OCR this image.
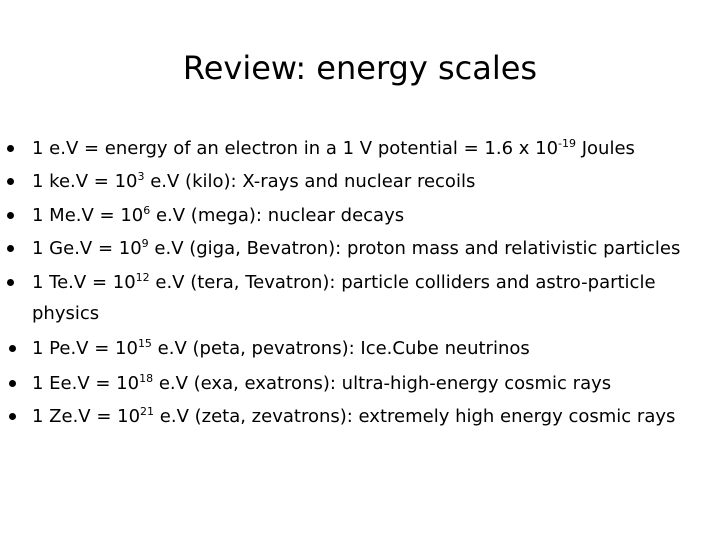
Review: energy scales
1 e.V = energy of an electron in a 1 V potential = 1.6 x $10^{-19}$ Joules
1 $ke.V = 10^3$ e.V (kilo): X-rays and nuclear recoils
1 $Me.V = 10^6$ e.V (mega): nuclear decays
1 $Ge.V = 10^9$ e.V (giga, Bevatron): proton mass and relativistic particles
1 $Te.V = 10^{12}$ e.V (tera, Tevatron): particle colliders and astro-particle
physics
1 $Pe.V = 10^{15}$ e.V (peta, pevatrons): Ice.Cube neutrinos
1 $Ee.V = 10^{18}$ e.V (exa, exatrons): ultra-high-energy cosmic rays
1 $Ze.V = 10^{21}$ e.V (zeta, zevatrons): extremely high energy cosmic rays
